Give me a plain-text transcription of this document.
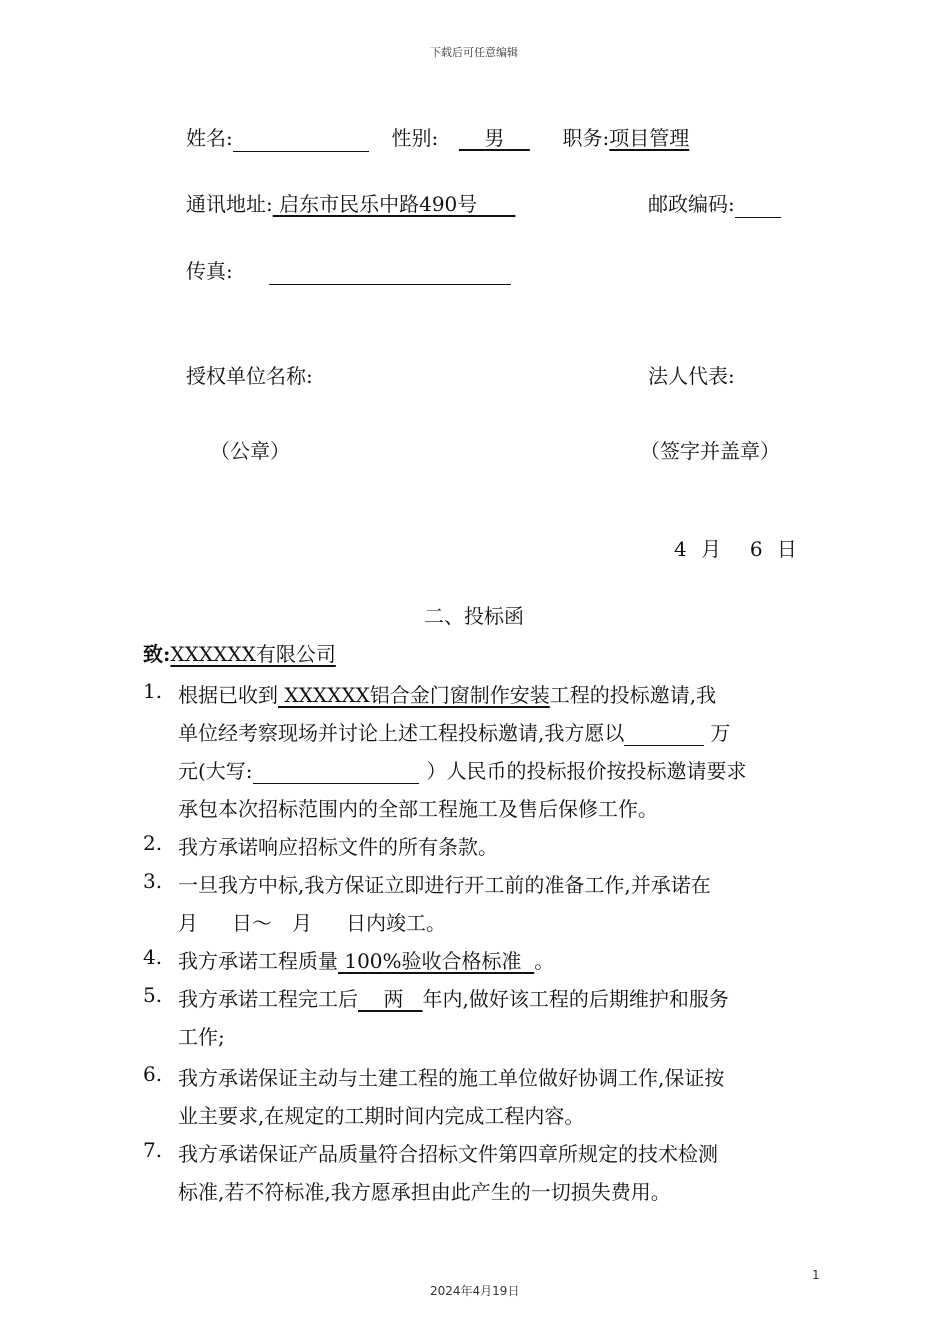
下载后可任意编辑
姓名:	性别: 男	职务:项目管理
通讯地址: 启东市民乐中路490号	邮政编码:
传真:
授权单位名称:	法人代表:
（公章）	（签字并盖章）
4 月 6 日
二、投标函
致:XXXXXX有限公司
1. 根据已收到 XXXXXX铝合金门窗制作安装工程的投标邀请,我
单位经考察现场并讨论上述工程投标邀请,我方愿以	万
元(大写:	）人民币的投标报价按投标邀请要求
承包本次招标范围内的全部工程施工及售后保修工作。
2. 我方承诺响应招标文件的所有条款。
3. 一旦我方中标,我方保证立即进行开工前的准备工作,并承诺在
月 日～ 月 日内竣工。
4. 我方承诺工程质量 100%验收合格标准 。
5. 我方承诺工程完工后 两 年内,做好该工程的后期维护和服务
工作;
6. 我方承诺保证主动与土建工程的施工单位做好协调工作,保证按
业主要求,在规定的工期时间内完成工程内容。
7. 我方承诺保证产品质量符合招标文件第四章所规定的技术检测
标准,若不符标准,我方愿承担由此产生的一切损失费用。
1
2024年4月19日
